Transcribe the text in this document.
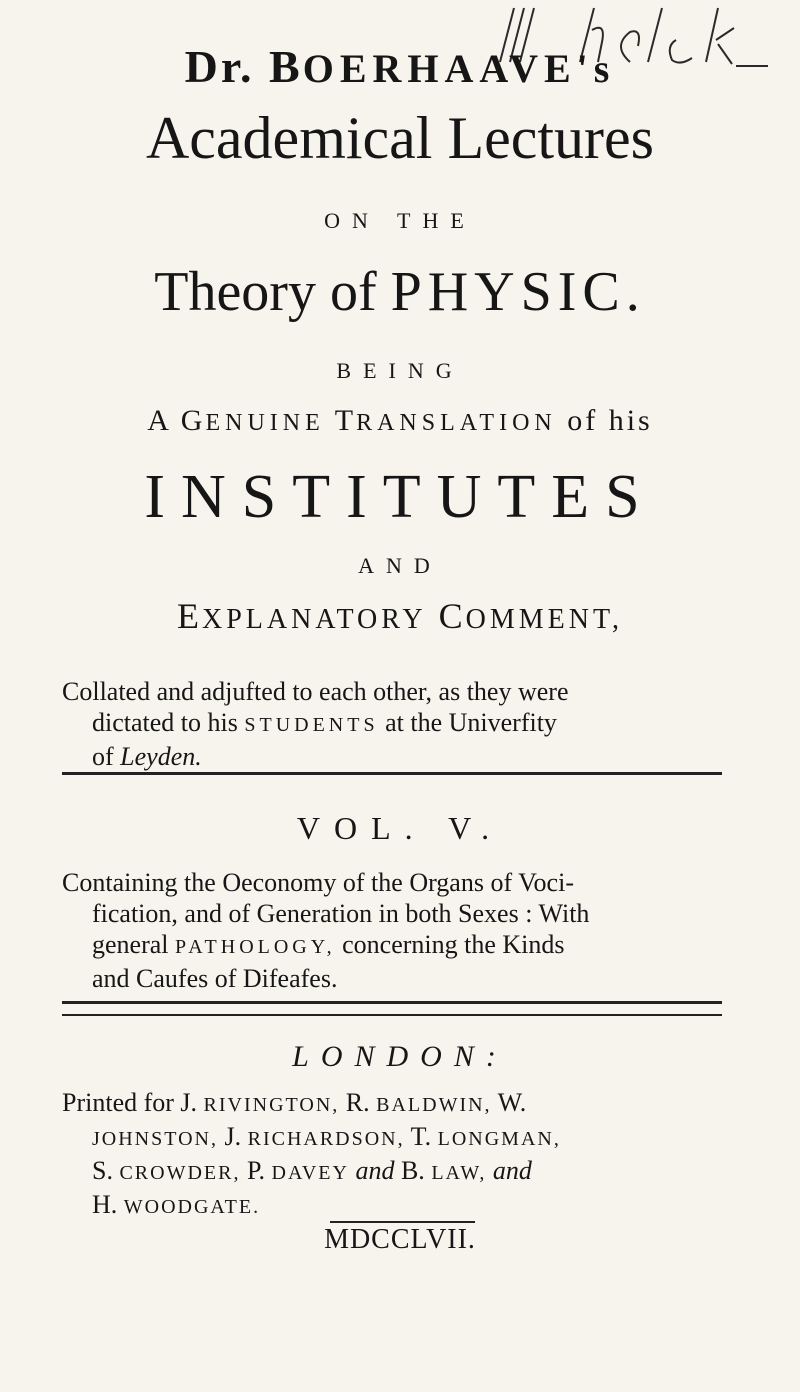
Dr. BOERHAAVE's
Academical Lectures
ON THE
Theory of PHYSIC.
BEING
A GENUINE TRANSLATION of his
INSTITUTES
AND
EXPLANATORY COMMENT,
Collated and adjufted to each other, as they were
dictated to his STUDENTS at the Univerfity
of Leyden.
VOL. V.
Containing the Oeconomy of the Organs of Voci-
fication, and of Generation in both Sexes : With
general PATHOLOGY, concerning the Kinds
and Caufes of Difeafes.
LONDON:
Printed for J. RIVINGTON, R. BALDWIN, W.
JOHNSTON, J. RICHARDSON, T. LONGMAN,
S. CROWDER, P. DAVEY and B. LAW, and
H. WOODGATE.
MDCCLVII.
